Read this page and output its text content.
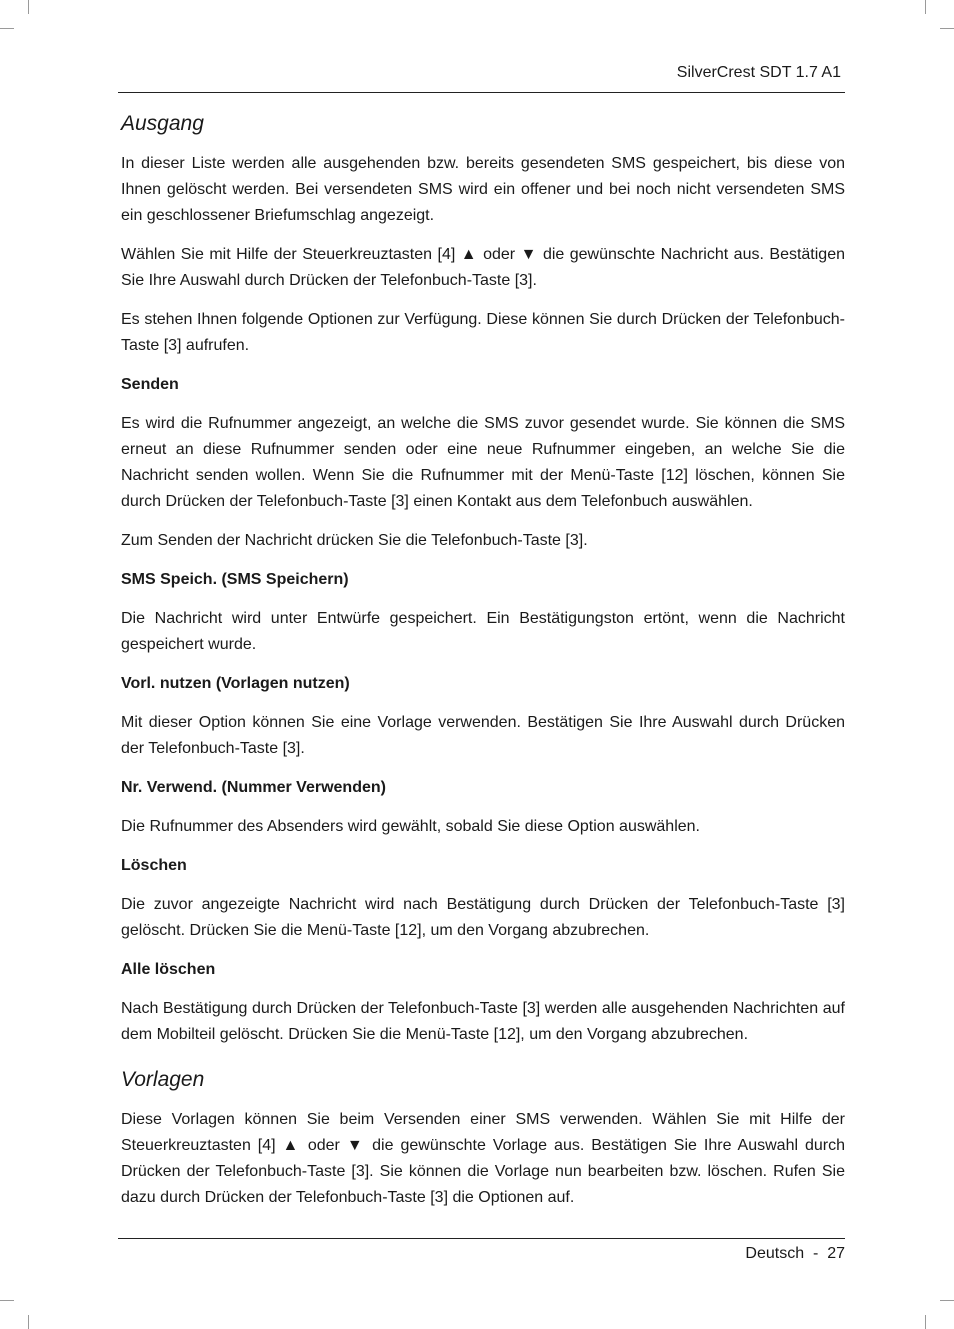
SilverCrest SDT 1.7 A1
Ausgang

In dieser Liste werden alle ausgehenden bzw. bereits gesendeten SMS gespeichert, bis diese von Ihnen gelöscht werden. Bei versendeten SMS wird ein offener und bei noch nicht versendeten SMS ein geschlossener Briefumschlag angezeigt.

Wählen Sie mit Hilfe der Steuerkreuztasten [4] ▲ oder ▼ die gewünschte Nachricht aus. Bestätigen Sie Ihre Auswahl durch Drücken der Telefonbuch-Taste [3].

Es stehen Ihnen folgende Optionen zur Verfügung. Diese können Sie durch Drücken der Telefonbuch-Taste [3] aufrufen.

Senden

Es wird die Rufnummer angezeigt, an welche die SMS zuvor gesendet wurde. Sie können die SMS erneut an diese Rufnummer senden oder eine neue Rufnummer eingeben, an welche Sie die Nachricht senden wollen. Wenn Sie die Rufnummer mit der Menü-Taste [12] löschen, können Sie durch Drücken der Telefonbuch-Taste [3] einen Kontakt aus dem Telefonbuch auswählen.

Zum Senden der Nachricht drücken Sie die Telefonbuch-Taste [3].

SMS Speich. (SMS Speichern)

Die Nachricht wird unter Entwürfe gespeichert. Ein Bestätigungston ertönt, wenn die Nachricht gespeichert wurde.

Vorl. nutzen (Vorlagen nutzen)

Mit dieser Option können Sie eine Vorlage verwenden. Bestätigen Sie Ihre Auswahl durch Drücken der Telefonbuch-Taste [3].

Nr. Verwend. (Nummer Verwenden)

Die Rufnummer des Absenders wird gewählt, sobald Sie diese Option auswählen.

Löschen

Die zuvor angezeigte Nachricht wird nach Bestätigung durch Drücken der Telefonbuch-Taste [3] gelöscht. Drücken Sie die Menü-Taste [12], um den Vorgang abzubrechen.

Alle löschen

Nach Bestätigung durch Drücken der Telefonbuch-Taste [3] werden alle ausgehenden Nachrichten auf dem Mobilteil gelöscht. Drücken Sie die Menü-Taste [12], um den Vorgang abzubrechen.

Vorlagen

Diese Vorlagen können Sie beim Versenden einer SMS verwenden. Wählen Sie mit Hilfe der Steuerkreuztasten [4] ▲ oder ▼ die gewünschte Vorlage aus. Bestätigen Sie Ihre Auswahl durch Drücken der Telefonbuch-Taste [3]. Sie können die Vorlage nun bearbeiten bzw. löschen. Rufen Sie dazu durch Drücken der Telefonbuch-Taste [3] die Optionen auf.

Deutsch  -  27
